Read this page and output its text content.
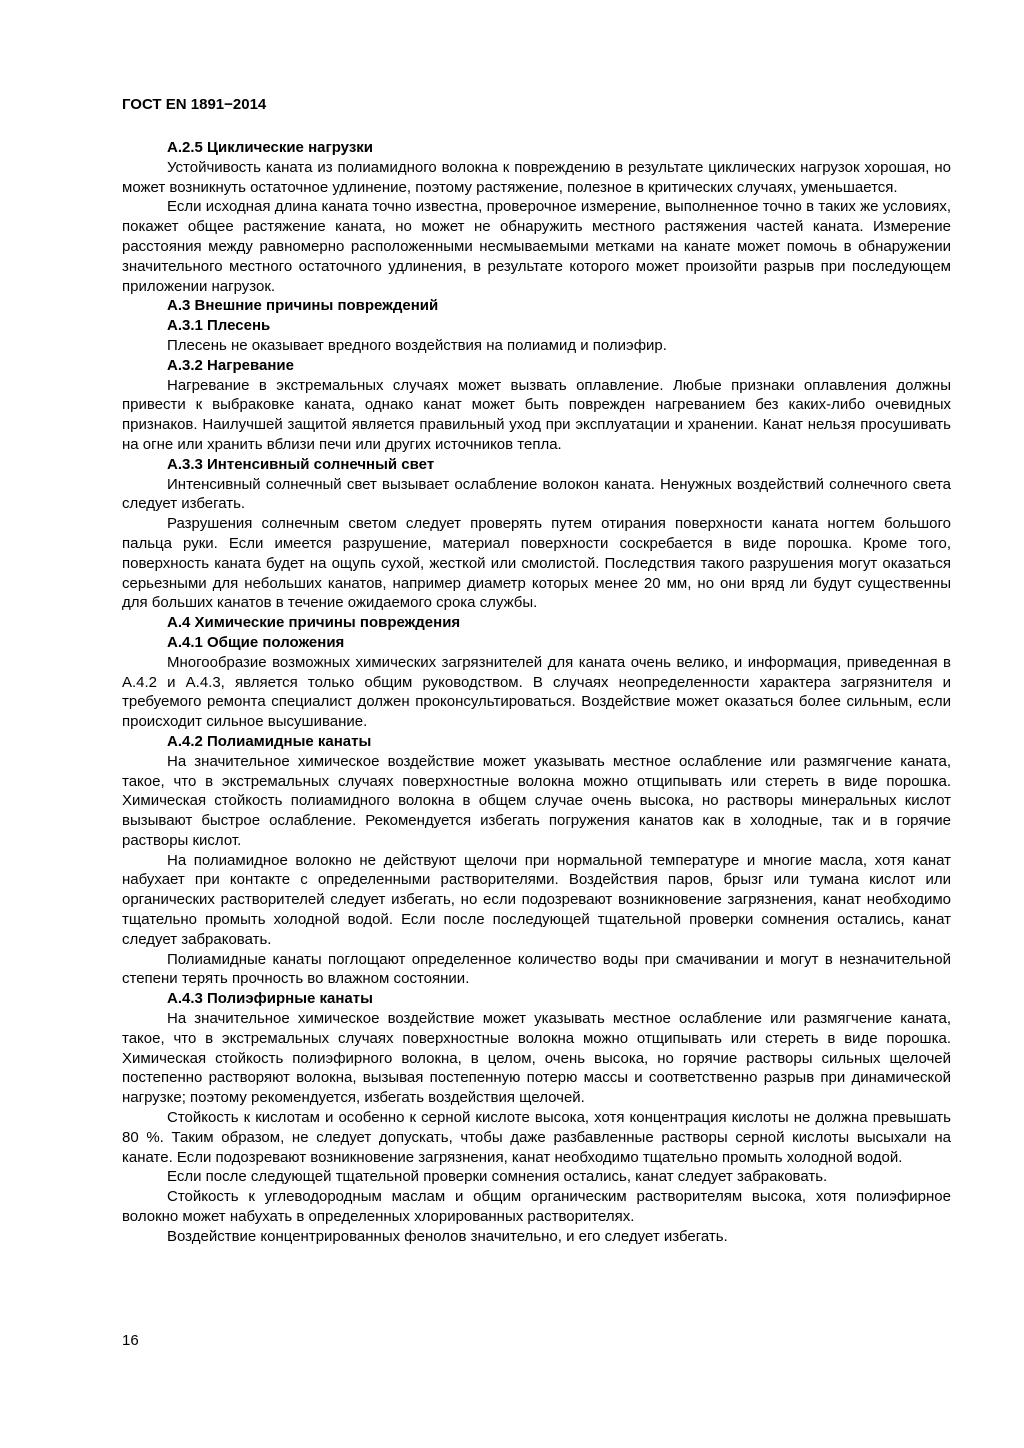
ГОСТ EN 1891−2014

А.2.5 Циклические нагрузки

Устойчивость каната из полиамидного волокна к повреждению в результате циклических нагрузок хорошая, но может возникнуть остаточное удлинение, поэтому растяжение, полезное в критических случаях, уменьшается.

Если исходная длина каната точно известна, проверочное измерение, выполненное точно в таких же условиях, покажет общее растяжение каната, но может не обнаружить местного растяжения частей каната. Измерение расстояния между равномерно расположенными несмываемыми метками на канате может помочь в обнаружении значительного местного остаточного удлинения, в результате которого может произойти разрыв при последующем приложении нагрузок.

А.3 Внешние причины повреждений

А.3.1 Плесень

Плесень не оказывает вредного воздействия на полиамид и полиэфир.

А.3.2 Нагревание

Нагревание в экстремальных случаях может вызвать оплавление. Любые признаки оплавления должны привести к выбраковке каната, однако канат может быть поврежден нагреванием без каких-либо очевидных признаков. Наилучшей защитой является правильный уход при эксплуатации и хранении. Канат нельзя просушивать на огне или хранить вблизи печи или других источников тепла.

А.3.3 Интенсивный солнечный свет

Интенсивный солнечный свет вызывает ослабление волокон каната. Ненужных воздействий солнечного света следует избегать.

Разрушения солнечным светом следует проверять путем отирания поверхности каната ногтем большого пальца руки. Если имеется разрушение, материал поверхности соскребается в виде порошка. Кроме того, поверхность каната будет на ощупь сухой, жесткой или смолистой. Последствия такого разрушения могут оказаться серьезными для небольших канатов, например диаметр которых менее 20 мм, но они вряд ли будут существенны для больших канатов в течение ожидаемого срока службы.

А.4 Химические причины повреждения

А.4.1 Общие положения

Многообразие возможных химических загрязнителей для каната очень велико, и информация, приведенная в А.4.2 и А.4.3, является только общим руководством. В случаях неопределенности характера загрязнителя и требуемого ремонта специалист должен проконсультироваться. Воздействие может оказаться более сильным, если происходит сильное высушивание.

А.4.2 Полиамидные канаты

На значительное химическое воздействие может указывать местное ослабление или размягчение каната, такое, что в экстремальных случаях поверхностные волокна можно отщипывать или стереть в виде порошка. Химическая стойкость полиамидного волокна в общем случае очень высока, но растворы минеральных кислот вызывают быстрое ослабление. Рекомендуется избегать погружения канатов как в холодные, так и в горячие растворы кислот.

На полиамидное волокно не действуют щелочи при нормальной температуре и многие масла, хотя канат набухает при контакте с определенными растворителями. Воздействия паров, брызг или тумана кислот или органических растворителей следует избегать, но если подозревают возникновение загрязнения, канат необходимо тщательно промыть холодной водой. Если после последующей тщательной проверки сомнения остались, канат следует забраковать.

Полиамидные канаты поглощают определенное количество воды при смачивании и могут в незначительной степени терять прочность во влажном состоянии.

А.4.3 Полиэфирные канаты

На значительное химическое воздействие может указывать местное ослабление или размягчение каната, такое, что в экстремальных случаях поверхностные волокна можно отщипывать или стереть в виде порошка. Химическая стойкость полиэфирного волокна, в целом, очень высока, но горячие растворы сильных щелочей постепенно растворяют волокна, вызывая постепенную потерю массы и соответственно разрыв при динамической нагрузке; поэтому рекомендуется, избегать воздействия щелочей.

Стойкость к кислотам и особенно к серной кислоте высока, хотя концентрация кислоты не должна превышать 80 %. Таким образом, не следует допускать, чтобы даже разбавленные растворы серной кислоты высыхали на канате. Если подозревают возникновение загрязнения, канат необходимо тщательно промыть холодной водой.

Если после следующей тщательной проверки сомнения остались, канат следует забраковать.

Стойкость к углеводородным маслам и общим органическим растворителям высока, хотя полиэфирное волокно может набухать в определенных хлорированных растворителях.

Воздействие концентрированных фенолов значительно, и его следует избегать.

16
